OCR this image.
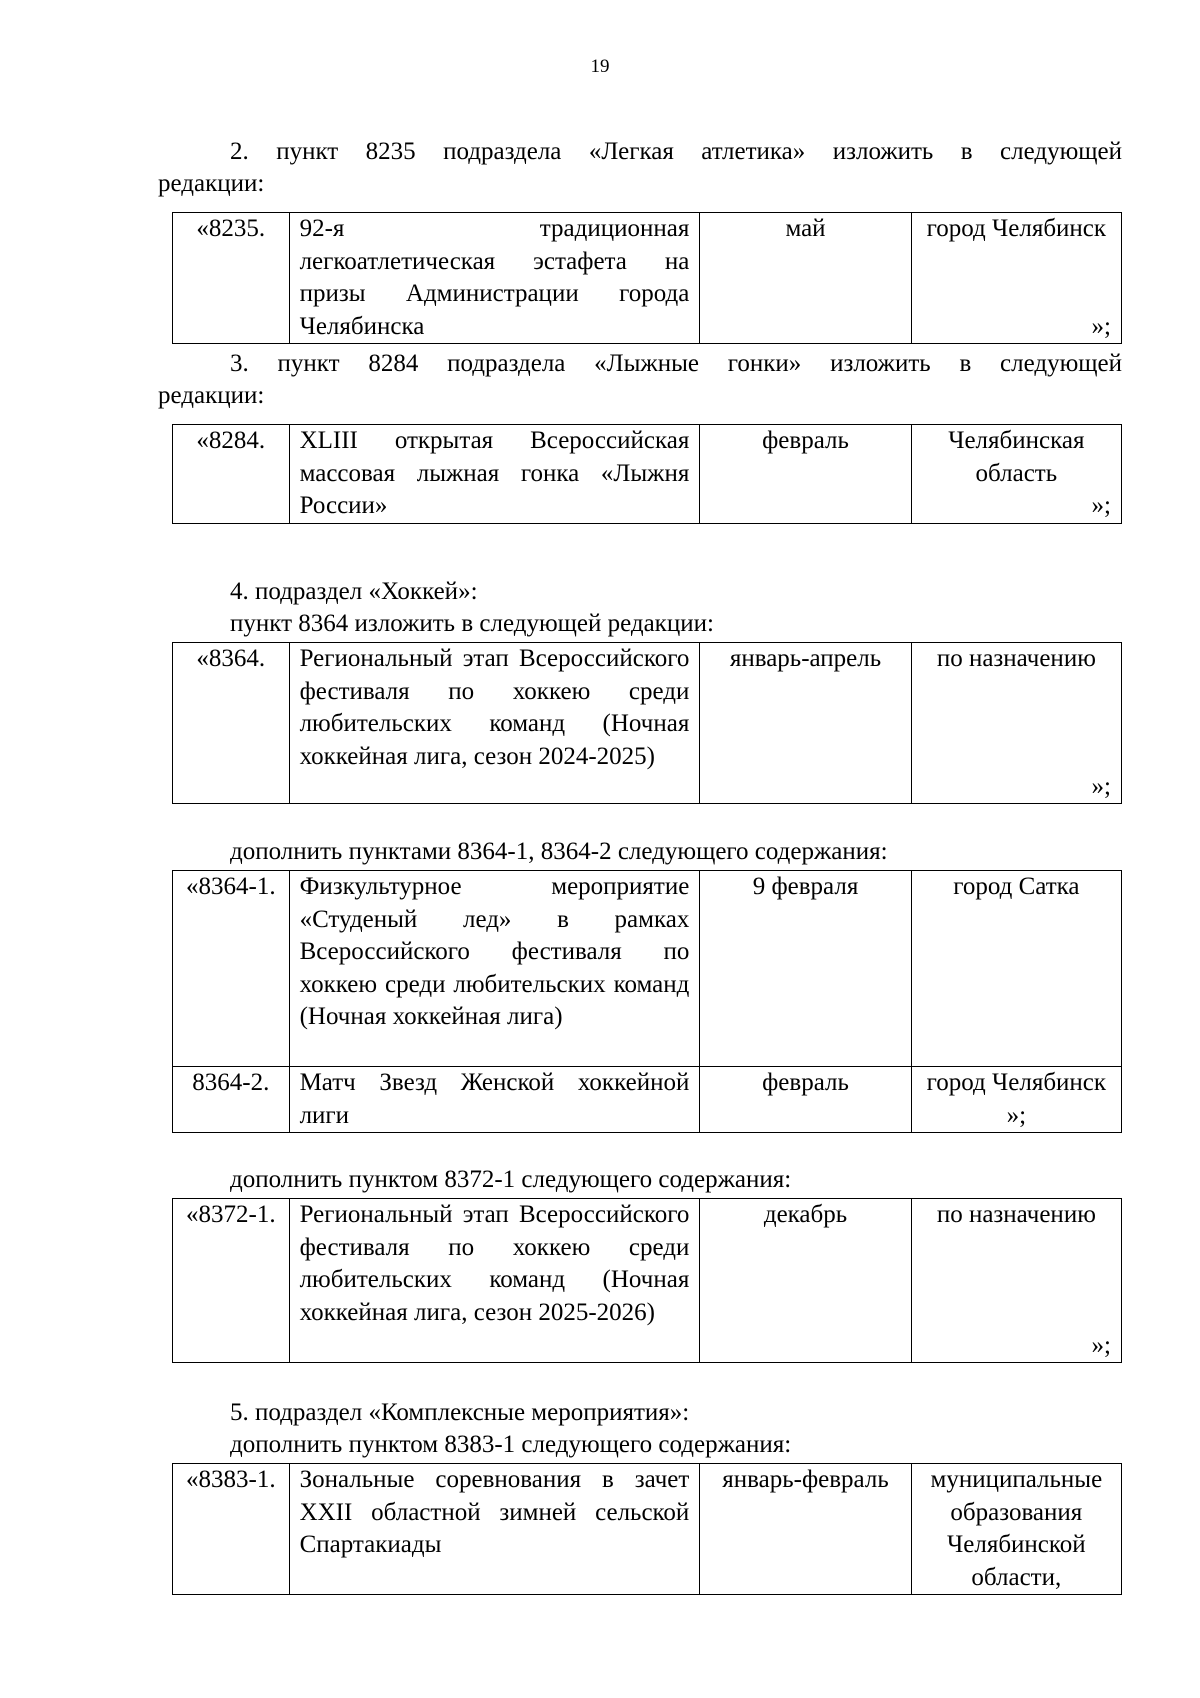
19
2. пункт 8235 подраздела «Легкая атлетика» изложить в следующей
редакции:
«8235.	92-я традиционная легкоатлетическая эстафета на призы Администрации города Челябинска	май	город Челябинск
»;
3. пункт 8284 подраздела «Лыжные гонки» изложить в следующей
редакции:
«8284.	XLIII открытая Всероссийская массовая лыжная гонка «Лыжня России»	февраль	Челябинская область
»;
4. подраздел «Хоккей»:
пункт 8364 изложить в следующей редакции:
«8364.	Региональный этап Всероссийского фестиваля по хоккею среди любительских команд (Ночная хоккейная лига, сезон 2024-2025)	январь-апрель	по назначению
»;
дополнить пунктами 8364-1, 8364-2 следующего содержания:
«8364-1.	Физкультурное мероприятие «Студеный лед» в рамках Всероссийского фестиваля по хоккею среди любительских команд (Ночная хоккейная лига)	9 февраля	город Сатка

8364-2.	Матч Звезд Женской хоккейной лиги	февраль	город Челябинск »;
дополнить пунктом 8372-1 следующего содержания:
«8372-1.	Региональный этап Всероссийского фестиваля по хоккею среди любительских команд (Ночная хоккейная лига, сезон 2025-2026)	декабрь	по назначению
»;
5. подраздел «Комплексные мероприятия»:
дополнить пунктом 8383-1 следующего содержания:
«8383-1.	Зональные соревнования в зачет XXII областной зимней сельской Спартакиады	январь-февраль	муниципальные образования Челябинской области,
